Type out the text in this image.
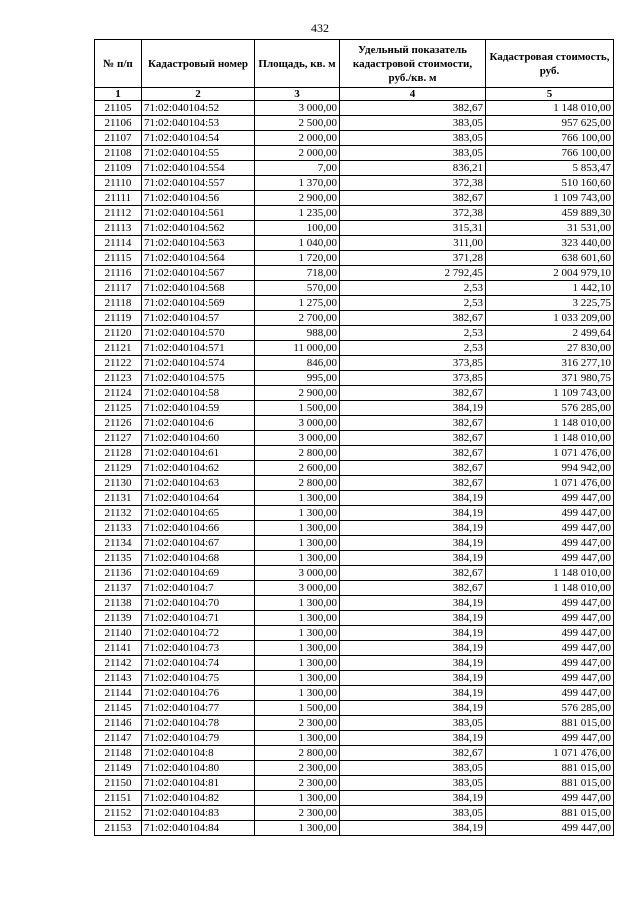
432
№ п/п	Кадастровый номер	Площадь, кв. м	Удельный показатель кадастровой стоимости, руб./кв. м	Кадастровая стоимость, руб.
1	2	3	4	5
21105	71:02:040104:52	3 000,00	382,67	1 148 010,00
21106	71:02:040104:53	2 500,00	383,05	957 625,00
21107	71:02:040104:54	2 000,00	383,05	766 100,00
21108	71:02:040104:55	2 000,00	383,05	766 100,00
21109	71:02:040104:554	7,00	836,21	5 853,47
21110	71:02:040104:557	1 370,00	372,38	510 160,60
21111	71:02:040104:56	2 900,00	382,67	1 109 743,00
21112	71:02:040104:561	1 235,00	372,38	459 889,30
21113	71:02:040104:562	100,00	315,31	31 531,00
21114	71:02:040104:563	1 040,00	311,00	323 440,00
21115	71:02:040104:564	1 720,00	371,28	638 601,60
21116	71:02:040104:567	718,00	2 792,45	2 004 979,10
21117	71:02:040104:568	570,00	2,53	1 442,10
21118	71:02:040104:569	1 275,00	2,53	3 225,75
21119	71:02:040104:57	2 700,00	382,67	1 033 209,00
21120	71:02:040104:570	988,00	2,53	2 499,64
21121	71:02:040104:571	11 000,00	2,53	27 830,00
21122	71:02:040104:574	846,00	373,85	316 277,10
21123	71:02:040104:575	995,00	373,85	371 980,75
21124	71:02:040104:58	2 900,00	382,67	1 109 743,00
21125	71:02:040104:59	1 500,00	384,19	576 285,00
21126	71:02:040104:6	3 000,00	382,67	1 148 010,00
21127	71:02:040104:60	3 000,00	382,67	1 148 010,00
21128	71:02:040104:61	2 800,00	382,67	1 071 476,00
21129	71:02:040104:62	2 600,00	382,67	994 942,00
21130	71:02:040104:63	2 800,00	382,67	1 071 476,00
21131	71:02:040104:64	1 300,00	384,19	499 447,00
21132	71:02:040104:65	1 300,00	384,19	499 447,00
21133	71:02:040104:66	1 300,00	384,19	499 447,00
21134	71:02:040104:67	1 300,00	384,19	499 447,00
21135	71:02:040104:68	1 300,00	384,19	499 447,00
21136	71:02:040104:69	3 000,00	382,67	1 148 010,00
21137	71:02:040104:7	3 000,00	382,67	1 148 010,00
21138	71:02:040104:70	1 300,00	384,19	499 447,00
21139	71:02:040104:71	1 300,00	384,19	499 447,00
21140	71:02:040104:72	1 300,00	384,19	499 447,00
21141	71:02:040104:73	1 300,00	384,19	499 447,00
21142	71:02:040104:74	1 300,00	384,19	499 447,00
21143	71:02:040104:75	1 300,00	384,19	499 447,00
21144	71:02:040104:76	1 300,00	384,19	499 447,00
21145	71:02:040104:77	1 500,00	384,19	576 285,00
21146	71:02:040104:78	2 300,00	383,05	881 015,00
21147	71:02:040104:79	1 300,00	384,19	499 447,00
21148	71:02:040104:8	2 800,00	382,67	1 071 476,00
21149	71:02:040104:80	2 300,00	383,05	881 015,00
21150	71:02:040104:81	2 300,00	383,05	881 015,00
21151	71:02:040104:82	1 300,00	384,19	499 447,00
21152	71:02:040104:83	2 300,00	383,05	881 015,00
21153	71:02:040104:84	1 300,00	384,19	499 447,00
